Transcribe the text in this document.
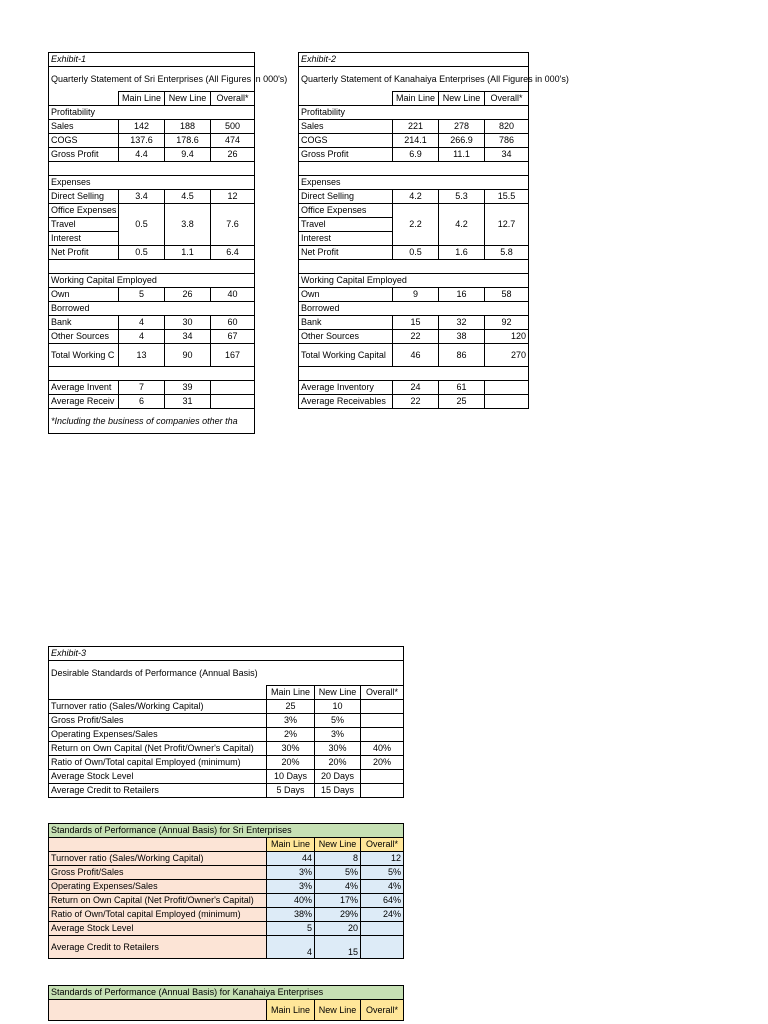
Exhibit-1			
Quarterly Statement of Sri Enterprises (All Figures in 000's)			
	Main Line	New Line	Overall*
Profitability			
Sales	142	188	500
COGS	137.6	178.6	474
Gross Profit	4.4	9.4	26

Expenses			
Direct Selling	3.4	4.5	12
Office Expenses	0.5	3.8	7.6
Travel			
Interest			
Net Profit	0.5	1.1	6.4

Working Capital Employed			
Own	5	26	40
Borrowed			
Bank	4	30	60
Other Sources	4	34	67
Total Working C	13	90	167

Average Invent	7	39	
Average Receiv	6	31	
*Including the business of companies other tha			
Exhibit-2			
Quarterly Statement of Kanahaiya Enterprises (All Figures in 000's)			
	Main Line	New Line	Overall*
Profitability			
Sales	221	278	820
COGS	214.1	266.9	786
Gross Profit	6.9	11.1	34

Expenses			
Direct Selling	4.2	5.3	15.5
Office Expenses	2.2	4.2	12.7
Travel			
Interest			
Net Profit	0.5	1.6	5.8

Working Capital Employed			
Own	9	16	58
Borrowed			
Bank	15	32	92
Other Sources	22	38	120
Total Working Capital	46	86	270

Average Inventory	24	61	
Average Receivables	22	25	
Exhibit-3			
Desirable Standards of Performance (Annual Basis)			
	Main Line	New Line	Overall*
Turnover ratio (Sales/Working Capital)	25	10	
Gross Profit/Sales	3%	5%	
Operating Expenses/Sales	2%	3%	
Return on Own Capital (Net Profit/Owner's Capital)	30%	30%	40%
Ratio of Own/Total capital Employed (minimum)	20%	20%	20%
Average Stock Level	10 Days	20 Days	
Average Credit to Retailers	5 Days	15 Days	
Standards of Performance (Annual Basis) for Sri Enterprises			
	Main Line	New Line	Overall*
Turnover ratio (Sales/Working Capital)	44	8	12
Gross Profit/Sales	3%	5%	5%
Operating Expenses/Sales	3%	4%	4%
Return on Own Capital (Net Profit/Owner's Capital)	40%	17%	64%
Ratio of Own/Total capital Employed (minimum)	38%	29%	24%
Average Stock Level	5	20	
Average Credit to Retailers	4	15	
Standards of Performance (Annual Basis) for Kanahaiya Enterprises
	Main Line	New Line	Overall*
